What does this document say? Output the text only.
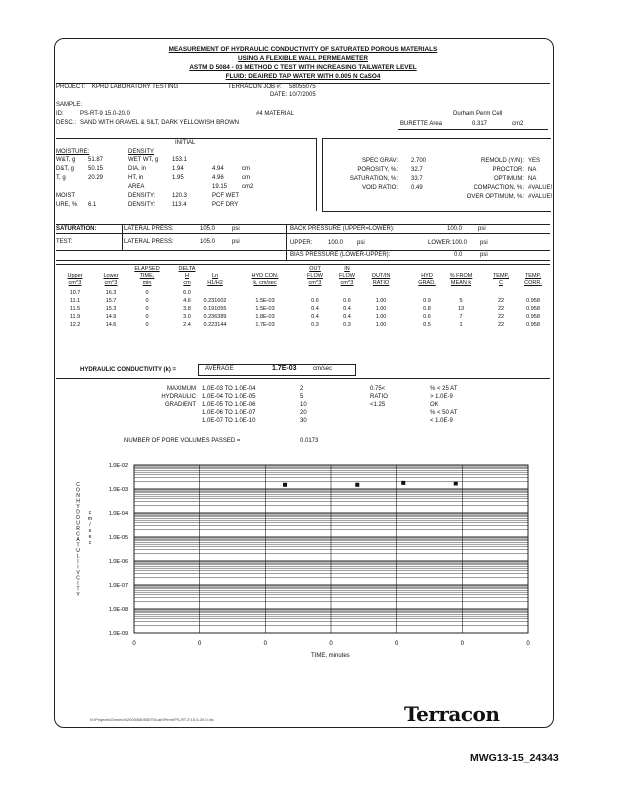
MEASUREMENT OF HYDRAULIC CONDUCTIVITY OF SATURATED POROUS MATERIALS
USING A FLEXIBLE WALL PERMEAMETER
ASTM D 5084 - 03 METHOD C TEST WITH INCREASING TAILWATER LEVEL
FLUID: DEAIRED TAP WATER WITH 0.005 N CaSO4
PROJECT: KPRD LABORATORY TESTING	TERRACON JOB #: 58055075
DATE: 10/7/2005
SAMPLE:
ID:	PS-RT-9 15.0-20.0	#4 MATERIAL
DESC.: SAND WITH GRAVEL & SILT, DARK YELLOWISH BROWN
Durham Perm Cell
BURETTE Area	0.317	cm2
INITIAL
MOISTURE:	DENSITY
W&T, g 51.87	WET WT, g 153.1
D&T, g 50.15	DIA, in	1.94	4.94	cm
T, g	20.29	HT, in	1.95	4.96	cm
AREA	19.15 cm2
MOIST	DENSITY:	120.3	PCF WET
URE, % 6.1	DENSITY:	113.4	PCF DRY
SPEC GRAV: 2.700	REMOLD (Y/N): YES
POROSITY, %: 32.7	PROCTOR: NA
SATURATION, %: 33.7	OPTIMUM: NA
VOID RATIO: 0.49	COMPACTION, %: #VALUE!
OVER OPTIMUM, %: #VALUE!
SATURATION:	LATERAL PRESS:	105.0	psi	BACK PRESSURE (UPPER=LOWER):	100.0	psi
TEST:	LATERAL PRESS:	105.0	psi	UPPER:	100.0 psi	LOWER: 100.0 psi
BIAS PRESSURE (LOWER-UPPER):	0.0	psi
Upper
cm^3
Lower
cm^3
ELAPSED
TIME,
min
DELTA
H
cm
Ln
H1/H2
HYD CON.
k, cm/sec
OUT
FLOW
cm^3
IN
FLOW
cm^3
OUT/IN
RATIO
HYD
GRAD.
% FROM
MEAN k
TEMP,
C
TEMP.
CORR.
10.7	16.3	0	6.0
11.1	15.7	0	4.6	0.231602	1.5E-03	0.6	0.6	1.00	0.9	5	22	0.958
11.5	15.3	0	3.8	0.191055	1.5E-03	0.4	0.4	1.00	0.8	13	22	0.958
11.9	14.9	0	3.0	0.236389	1.8E-03	0.4	0.4	1.00	0.6	7	22	0.958
12.2	14.6	0	2.4	0.223144	1.7E-03	0.3	0.3	1.00	0.5	1	22	0.958
HYDRAULIC CONDUCTIVITY (k) =	AVERAGE	1.7E-03	cm/sec
MAXIMUM
HYDRAULIC
GRADIENT
1.0E-03 TO 1.0E-04	2	0.75<	% < 25 AT
1.0E-04 TO 1.0E-05	5	RATIO	> 1.0E-9
1.0E-05 TO 1.0E-06	10	<1.25	OK
1.0E-06 TO 1.0E-07	20	% < 50 AT
1.0E-07 TO 1.0E-10	30	< 1.0E-9
NUMBER OF PORE VOLUMES PASSED =	0.0173
0	0	0	0	0	0	0
1.0E-02
1.0E-03
1.0E-04
1.0E-05
1.0E-06
1.0E-07
1.0E-08
1.0E-09
C
O
N
H
Y
D
D
U
R
C
A
T
U
L
I
I
V
C
I
T
Y
c
m
/
s
e
c
TIME, minutes
N:\Projects\Geotech\2005\58055075\Lab\Perm\PS-RT-9 15.0-20.0.xls	Terracon
MWG13-15_24343
